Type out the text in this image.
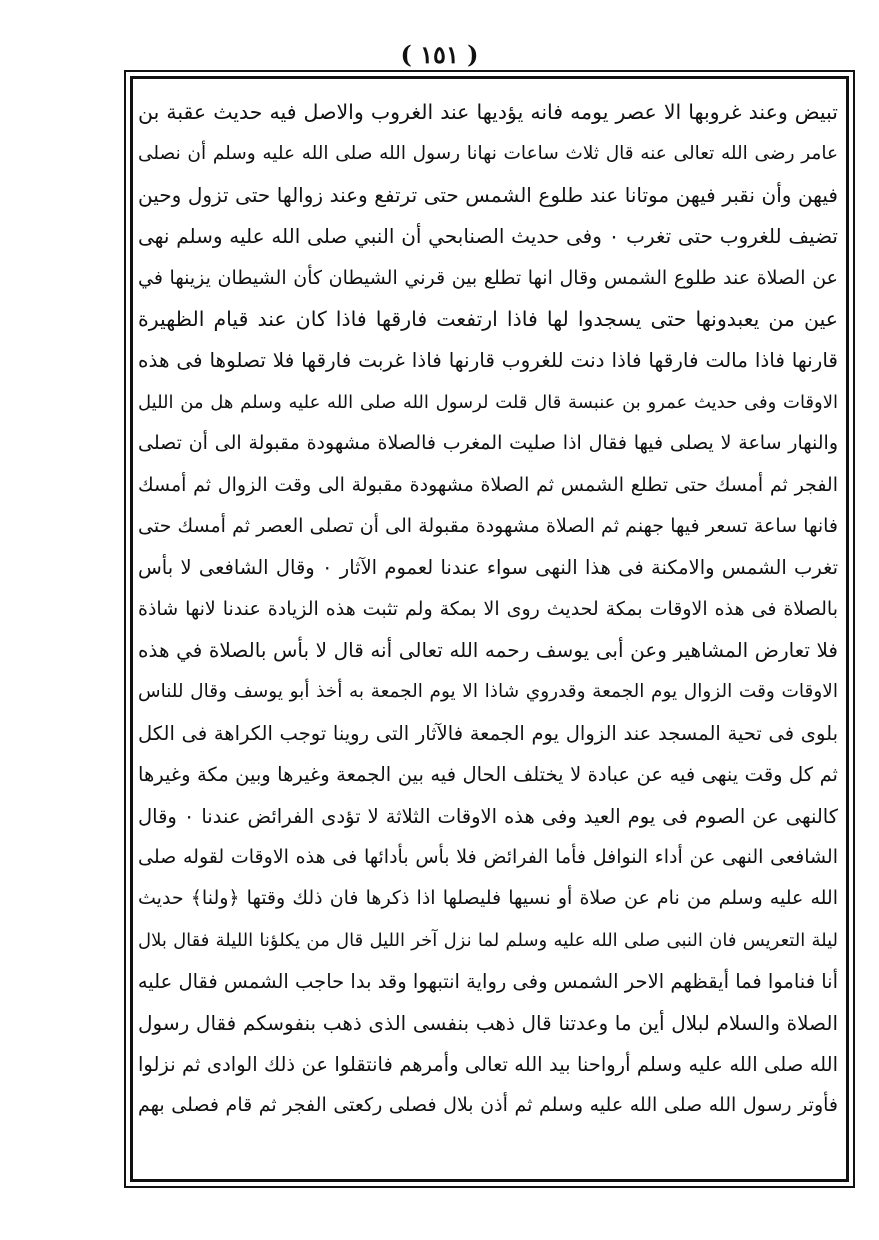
( ١٥١ )
تبيض وعند غروبها الا عصر يومه فانه يؤديها عند الغروب والاصل فيه حديث عقبة بن
عامر رضى الله تعالى عنه قال ثلاث ساعات نهانا رسول الله صلى الله عليه وسلم أن نصلى
فيهن وأن نقبر فيهن موتانا عند طلوع الشمس حتى ترتفع وعند زوالها حتى تزول وحين
تضيف للغروب حتى تغرب ٠ وفى حديث الصنابحي أن النبي صلى الله عليه وسلم نهى
عن الصلاة عند طلوع الشمس وقال انها تطلع بين قرني الشيطان كأن الشيطان يزينها في
عين من يعبدونها حتى يسجدوا لها فاذا ارتفعت فارقها فاذا كان عند قيام الظهيرة
قارنها فاذا مالت فارقها فاذا دنت للغروب قارنها فاذا غربت فارقها فلا تصلوها فى هذه
الاوقات وفى حديث عمرو بن عنبسة قال قلت لرسول الله صلى الله عليه وسلم هل من الليل
والنهار ساعة لا يصلى فيها فقال اذا صليت المغرب فالصلاة مشهودة مقبولة الى أن تصلى
الفجر ثم أمسك حتى تطلع الشمس ثم الصلاة مشهودة مقبولة الى وقت الزوال ثم أمسك
فانها ساعة تسعر فيها جهنم ثم الصلاة مشهودة مقبولة الى أن تصلى العصر ثم أمسك حتى
تغرب الشمس والامكنة فى هذا النهى سواء عندنا لعموم الآثار ٠ وقال الشافعى لا بأس
بالصلاة فى هذه الاوقات بمكة لحديث روى الا بمكة ولم تثبت هذه الزيادة عندنا لانها شاذة
فلا تعارض المشاهير وعن أبى يوسف رحمه الله تعالى أنه قال لا بأس بالصلاة في هذه
الاوقات وقت الزوال يوم الجمعة وقدروي شاذا الا يوم الجمعة به أخذ أبو يوسف وقال للناس
بلوى فى تحية المسجد عند الزوال يوم الجمعة فالآثار التى روينا توجب الكراهة فى الكل
ثم كل وقت ينهى فيه عن عبادة لا يختلف الحال فيه بين الجمعة وغيرها وبين مكة وغيرها
كالنهى عن الصوم فى يوم العيد وفى هذه الاوقات الثلاثة لا تؤدى الفرائض عندنا ٠ وقال
الشافعى النهى عن أداء النوافل فأما الفرائض فلا بأس بأدائها فى هذه الاوقات لقوله صلى
الله عليه وسلم من نام عن صلاة أو نسيها فليصلها اذا ذكرها فان ذلك وقتها ﴿ولنا﴾ حديث
ليلة التعريس فان النبى صلى الله عليه وسلم لما نزل آخر الليل قال من يكلؤنا الليلة فقال بلال
أنا فناموا فما أيقظهم الاحر الشمس وفى رواية انتبهوا وقد بدا حاجب الشمس فقال عليه
الصلاة والسلام لبلال أين ما وعدتنا قال ذهب بنفسى الذى ذهب بنفوسكم فقال رسول
الله صلى الله عليه وسلم أرواحنا بيد الله تعالى وأمرهم فانتقلوا عن ذلك الوادى ثم نزلوا
فأوتر رسول الله صلى الله عليه وسلم ثم أذن بلال فصلى ركعتى الفجر ثم قام فصلى بهم
